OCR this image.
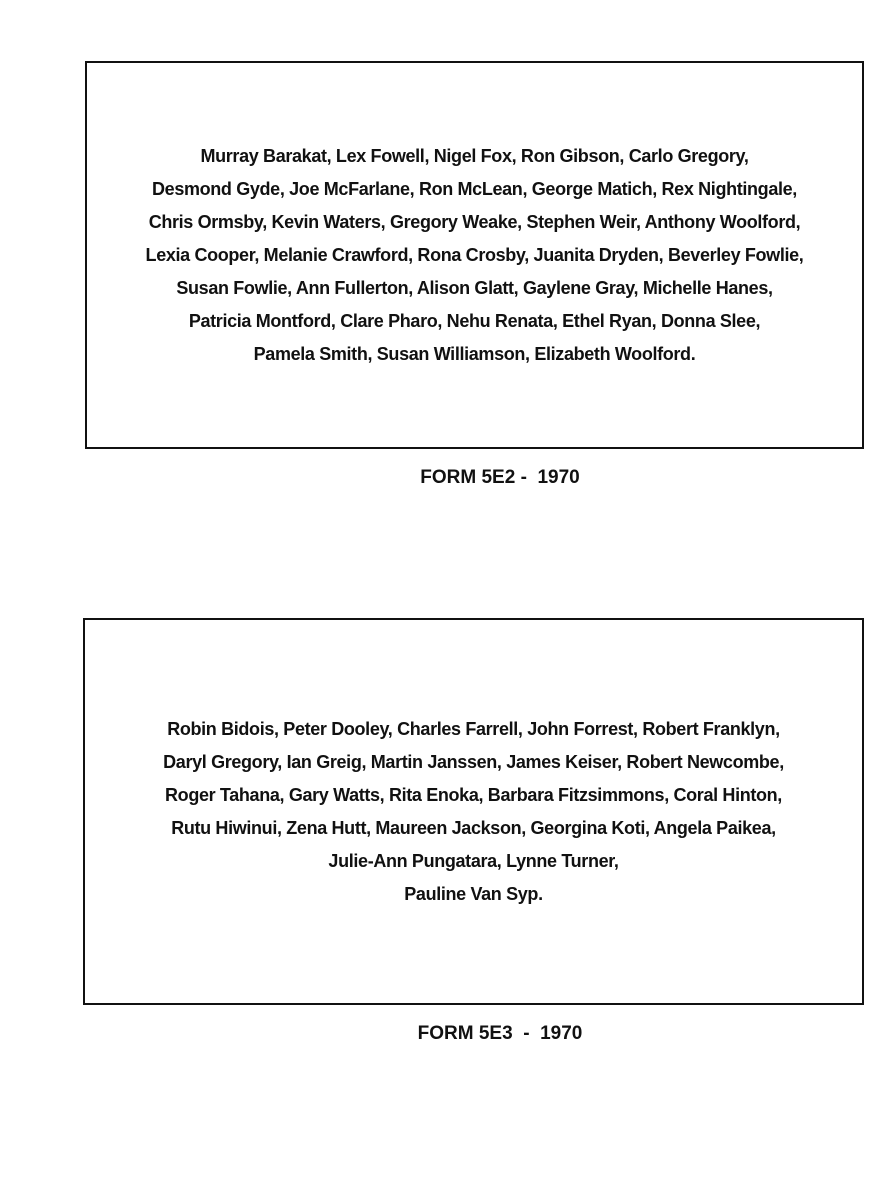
Murray Barakat, Lex Fowell, Nigel Fox, Ron Gibson, Carlo Gregory,
Desmond Gyde, Joe McFarlane, Ron McLean, George Matich, Rex Nightingale,
Chris Ormsby, Kevin Waters, Gregory Weake, Stephen Weir, Anthony Woolford,
Lexia Cooper, Melanie Crawford, Rona Crosby, Juanita Dryden, Beverley Fowlie,
Susan Fowlie, Ann Fullerton, Alison Glatt, Gaylene Gray, Michelle Hanes,
Patricia Montford, Clare Pharo, Nehu Renata, Ethel Ryan, Donna Slee,
Pamela Smith, Susan Williamson, Elizabeth Woolford.
FORM 5E2 -  1970
Robin Bidois, Peter Dooley, Charles Farrell, John Forrest, Robert Franklyn,
Daryl Gregory, Ian Greig, Martin Janssen, James Keiser, Robert Newcombe,
Roger Tahana, Gary Watts, Rita Enoka, Barbara Fitzsimmons, Coral Hinton,
Rutu Hiwinui, Zena Hutt, Maureen Jackson, Georgina Koti, Angela Paikea,
Julie-Ann Pungatara, Lynne Turner,
Pauline Van Syp.
FORM 5E3  -  1970
